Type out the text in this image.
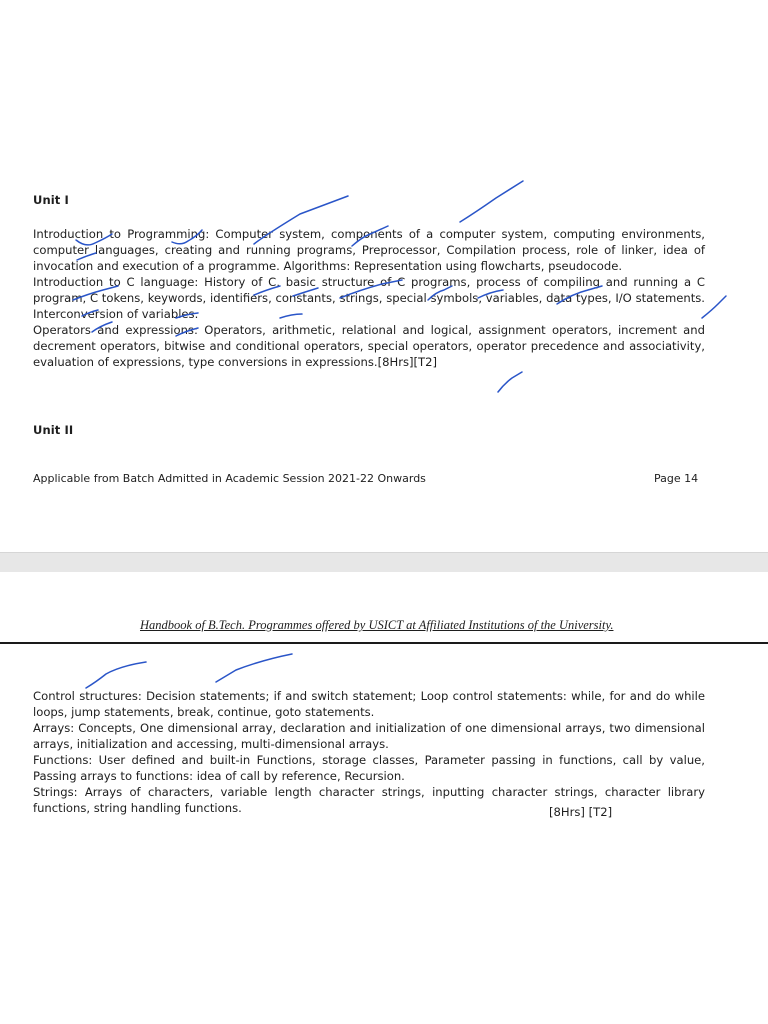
Unit I

Introduction to Programming: Computer system, components of a computer system, computing environments, computer languages, creating and running programs, Preprocessor, Compilation process, role of linker, idea of invocation and execution of a programme. Algorithms: Representation using flowcharts, pseudocode.

Introduction to C language: History of C, basic structure of C programs, process of compiling and running a C program, C tokens, keywords, identifiers, constants, strings, special symbols, variables, data types, I/O statements. Interconversion of variables.

Operators and expressions: Operators, arithmetic, relational and logical, assignment operators, increment and decrement operators, bitwise and conditional operators, special operators, operator precedence and associativity, evaluation of expressions, type conversions in expressions.[8Hrs][T2]

Unit II
Applicable from Batch Admitted in Academic Session 2021-22 Onwards	Page 14
Handbook of B.Tech. Programmes offered by USICT at Affiliated Institutions of the University.

Control structures: Decision statements; if and switch statement; Loop control statements: while, for and do while loops, jump statements, break, continue, goto statements.

Arrays: Concepts, One dimensional array, declaration and initialization of one dimensional arrays, two dimensional arrays, initialization and accessing, multi-dimensional arrays.

Functions: User defined and built-in Functions, storage classes, Parameter passing in functions, call by value, Passing arrays to functions: idea of call by reference, Recursion.

Strings: Arrays of characters, variable length character strings, inputting character strings, character library functions, string handling functions.	[8Hrs] [T2]
